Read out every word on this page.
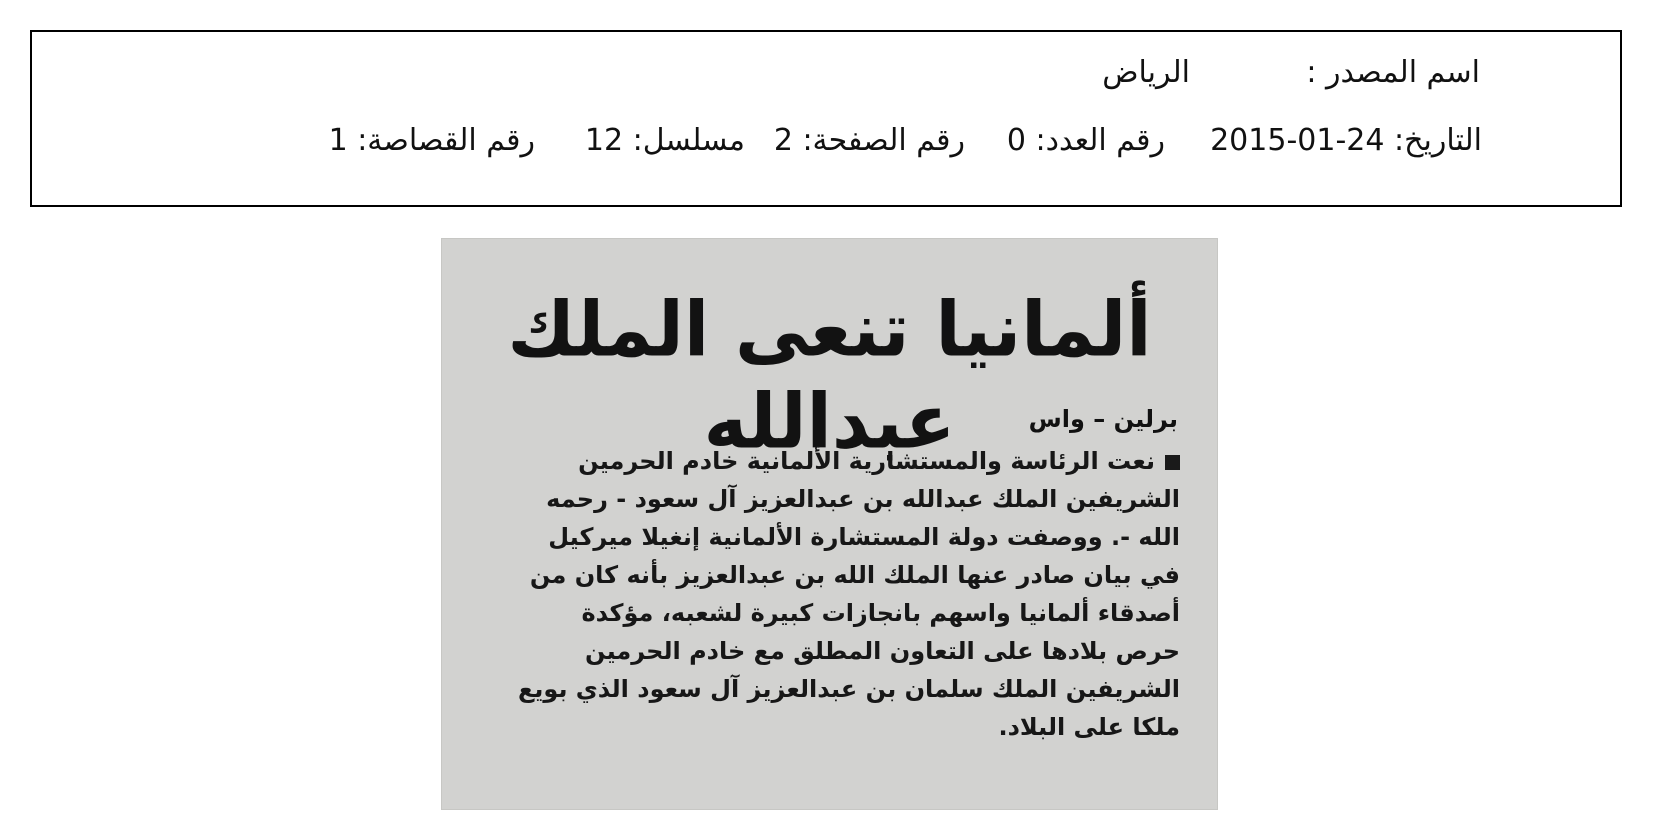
اسم المصدر :
الرياض
التاريخ: 24-01-2015
رقم العدد: 0
رقم الصفحة: 2
مسلسل: 12
رقم القصاصة: 1
ألمانيا تنعى الملك عبدالله	برلين – واس
نعت الرئاسة والمستشارية الألمانية خادم الحرمين
الشريفين الملك عبدالله بن عبدالعزيز آل سعود - رحمه
الله -. ووصفت دولة المستشارة الألمانية إنغيلا ميركيل
في بيان صادر عنها الملك الله بن عبدالعزيز بأنه كان من
أصدقاء ألمانيا واسهم بانجازات كبيرة لشعبه، مؤكدة
حرص بلادها على التعاون المطلق مع خادم الحرمين
الشريفين الملك سلمان بن عبدالعزيز آل سعود الذي بويع
ملكا على البلاد.
